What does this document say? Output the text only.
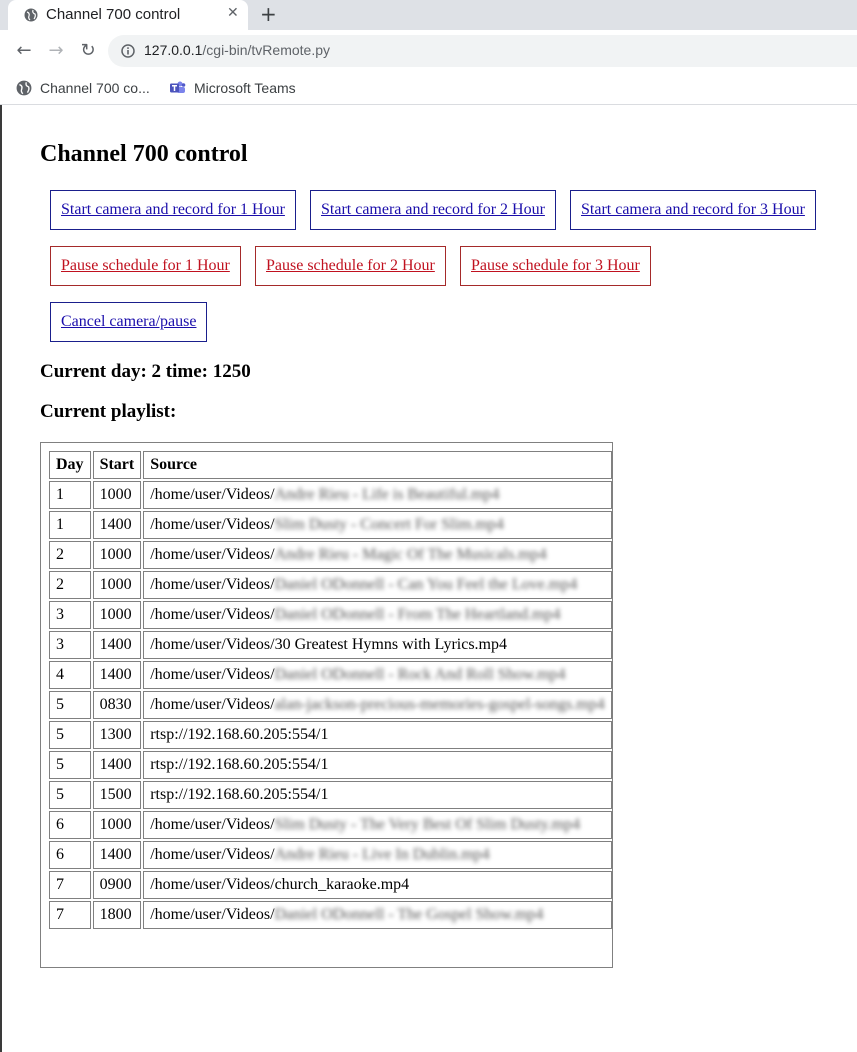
Channel 700 control	✕ +
← → ↻	127.0.0.1/cgi-bin/tvRemote.py
Channel 700 co...	Microsoft Teams
Channel 700 control
Start camera and record for 1 Hour	Start camera and record for 2 Hour	Start camera and record for 3 Hour
Pause schedule for 1 Hour	Pause schedule for 2 Hour	Pause schedule for 3 Hour
Cancel camera/pause
Current day: 2 time: 1250
Current playlist:
Day	Start	Source
1	1000	/home/user/Videos/Andre Rieu - Life is Beautiful.mp4
1	1400	/home/user/Videos/Slim Dusty - Concert For Slim.mp4
2	1000	/home/user/Videos/Andre Rieu - Magic Of The Musicals.mp4
2	1000	/home/user/Videos/Daniel ODonnell - Can You Feel the Love.mp4
3	1000	/home/user/Videos/Daniel ODonnell - From The Heartland.mp4
3	1400	/home/user/Videos/30 Greatest Hymns with Lyrics.mp4
4	1400	/home/user/Videos/Daniel ODonnell - Rock And Roll Show.mp4
5	0830	/home/user/Videos/alan-jackson-precious-memories-gospel-songs.mp4
5	1300	rtsp://192.168.60.205:554/1
5	1400	rtsp://192.168.60.205:554/1
5	1500	rtsp://192.168.60.205:554/1
6	1000	/home/user/Videos/Slim Dusty - The Very Best Of Slim Dusty.mp4
6	1400	/home/user/Videos/Andre Rieu - Live In Dublin.mp4
7	0900	/home/user/Videos/church_karaoke.mp4
7	1800	/home/user/Videos/Daniel ODonnell - The Gospel Show.mp4
